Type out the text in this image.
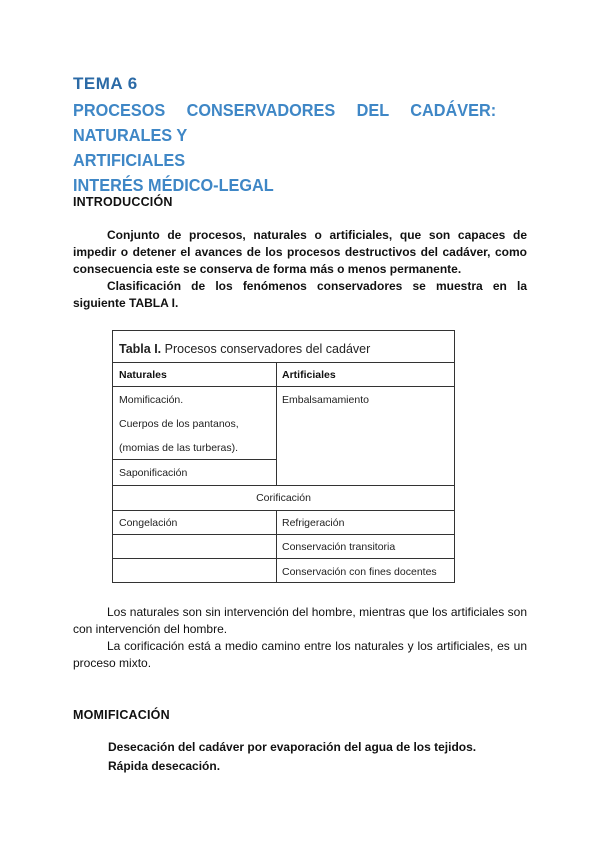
TEMA 6
PROCESOS CONSERVADORES DEL CADÁVER: NATURALES Y
ARTIFICIALES
INTERÉS MÉDICO-LEGAL
INTRODUCCIÓN
Conjunto de procesos, naturales o artificiales, que son capaces de impedir o detener el avances de los procesos destructivos del cadáver, como consecuencia este se conserva de forma más o menos permanente.
Clasificación de los fenómenos conservadores se muestra en la siguiente TABLA I.
Tabla I. Procesos conservadores del cadáver
Naturales	Artificiales
Momificación.
Cuerpos de los pantanos,
(momias de las turberas).
Saponificación
Embalsamamiento
Corificación
Congelación	Refrigeración
Conservación transitoria
Conservación con fines docentes
Los naturales son sin intervención del hombre, mientras que los artificiales son con intervención del hombre.
La corificación está a medio camino entre los naturales y los artificiales, es un proceso mixto.
MOMIFICACIÓN
Desecación del cadáver por evaporación del agua de los tejidos.
Rápida desecación.
